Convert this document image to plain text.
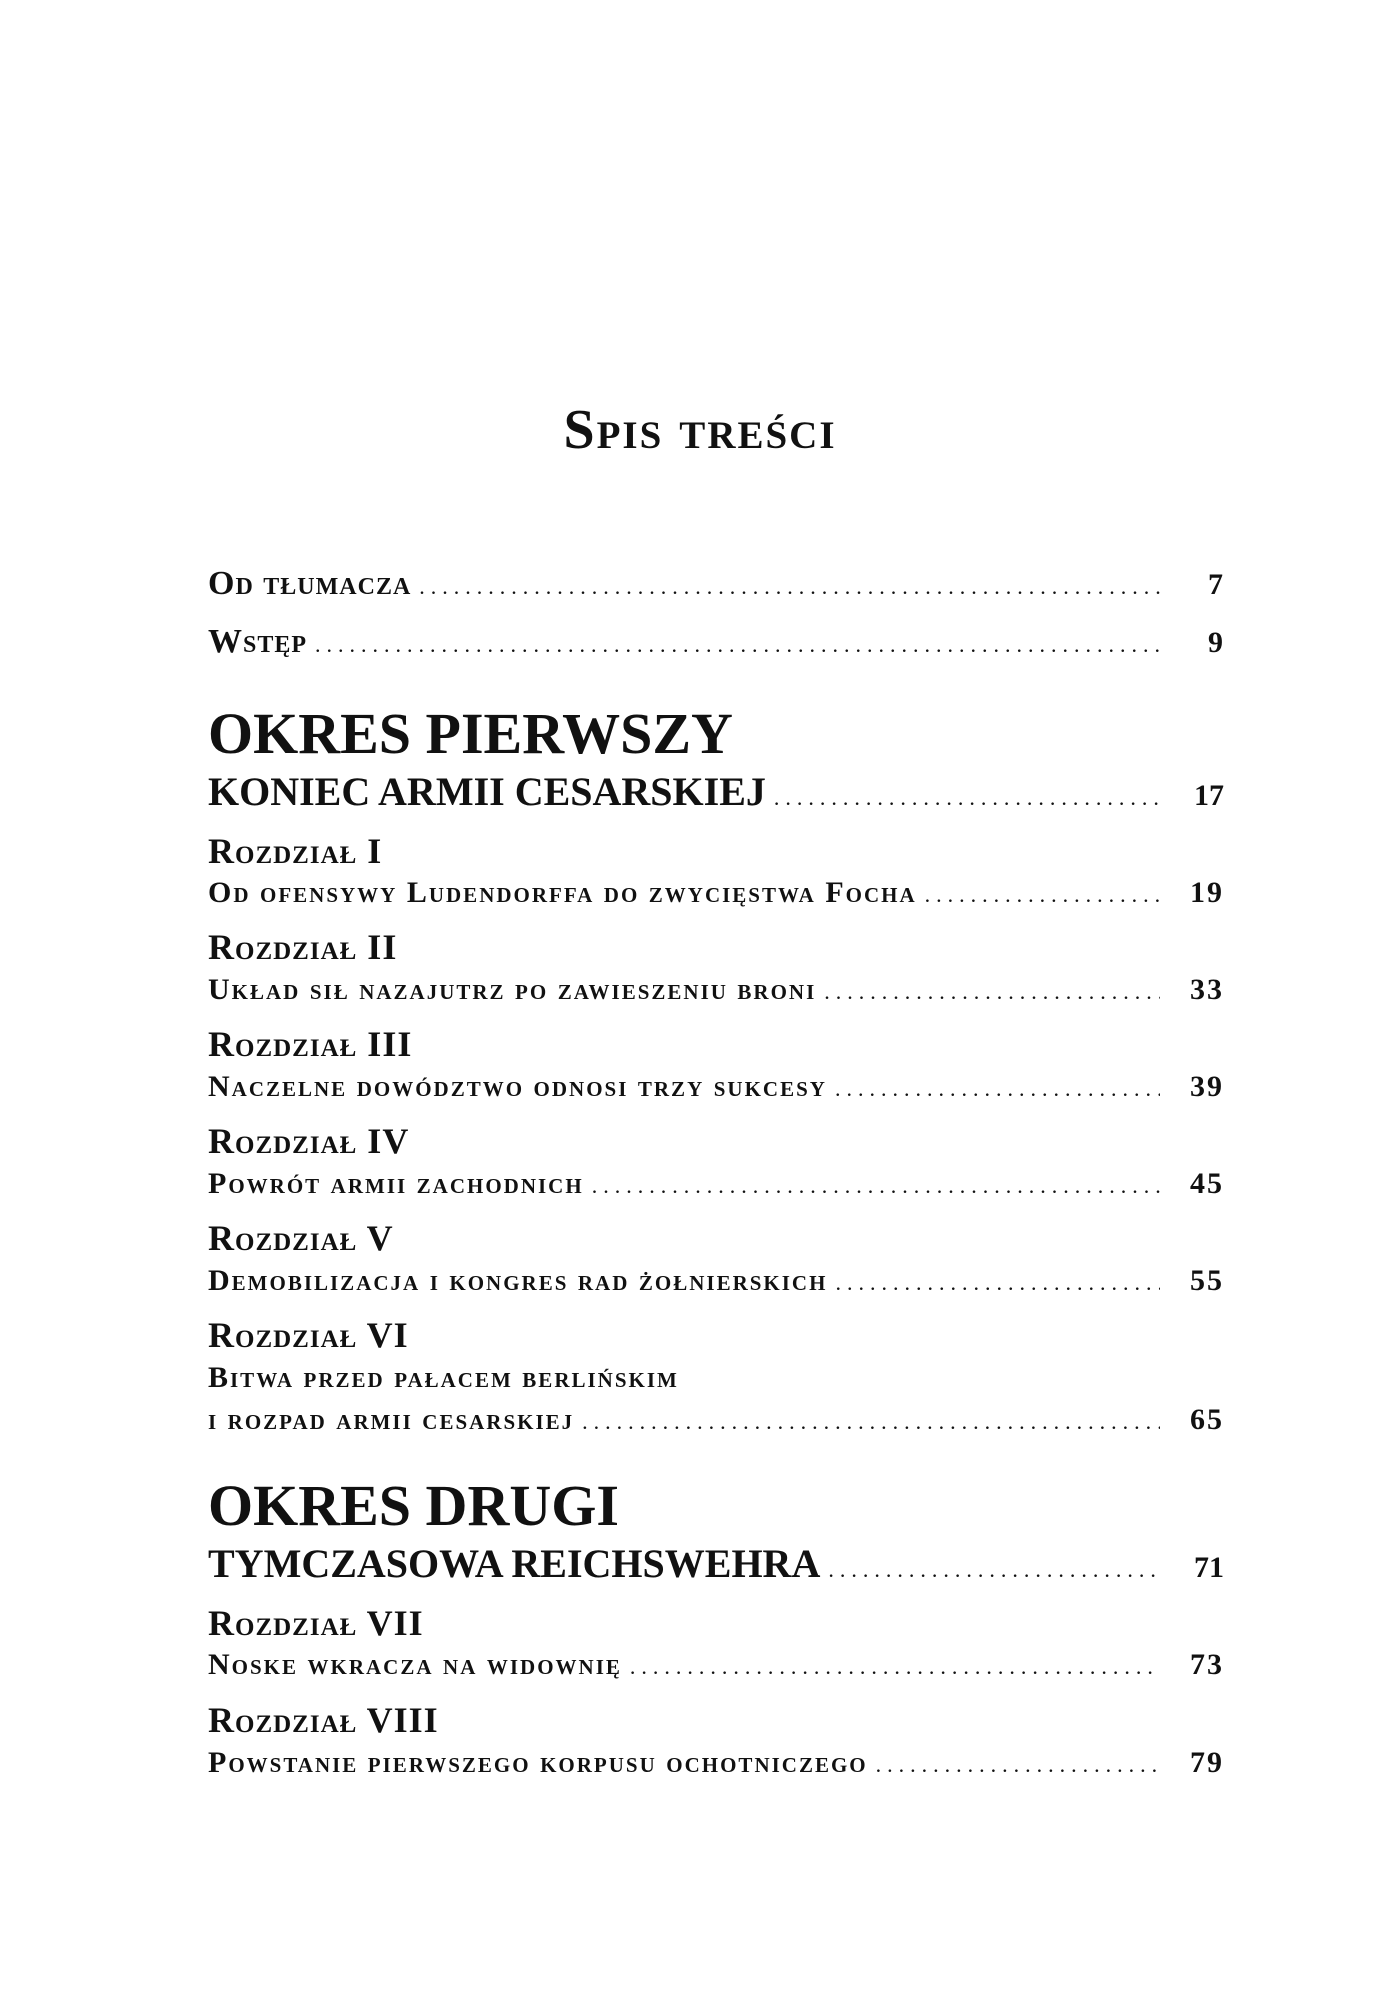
Spis treści
Od tłumacza .....	7
Wstęp .....	9
OKRES PIERWSZY
KONIEC ARMII CESARSKIEJ .....	17
Rozdział I
Od ofensywy Ludendorffa do zwycięstwa Focha .....	19
Rozdział II
Układ sił nazajutrz po zawieszeniu broni .....	33
Rozdział III
Naczelne dowództwo odnosi trzy sukcesy .....	39
Rozdział IV
Powrót armii zachodnich .....	45
Rozdział V
Demobilizacja i kongres rad żołnierskich .....	55
Rozdział VI
Bitwa przed pałacem berlińskim
i rozpad armii cesarskiej .....	65
OKRES DRUGI
TYMCZASOWA REICHSWEHRA .....	71
Rozdział VII
Noske wkracza na widownię .....	73
Rozdział VIII
Powstanie pierwszego korpusu ochotniczego .....	79
